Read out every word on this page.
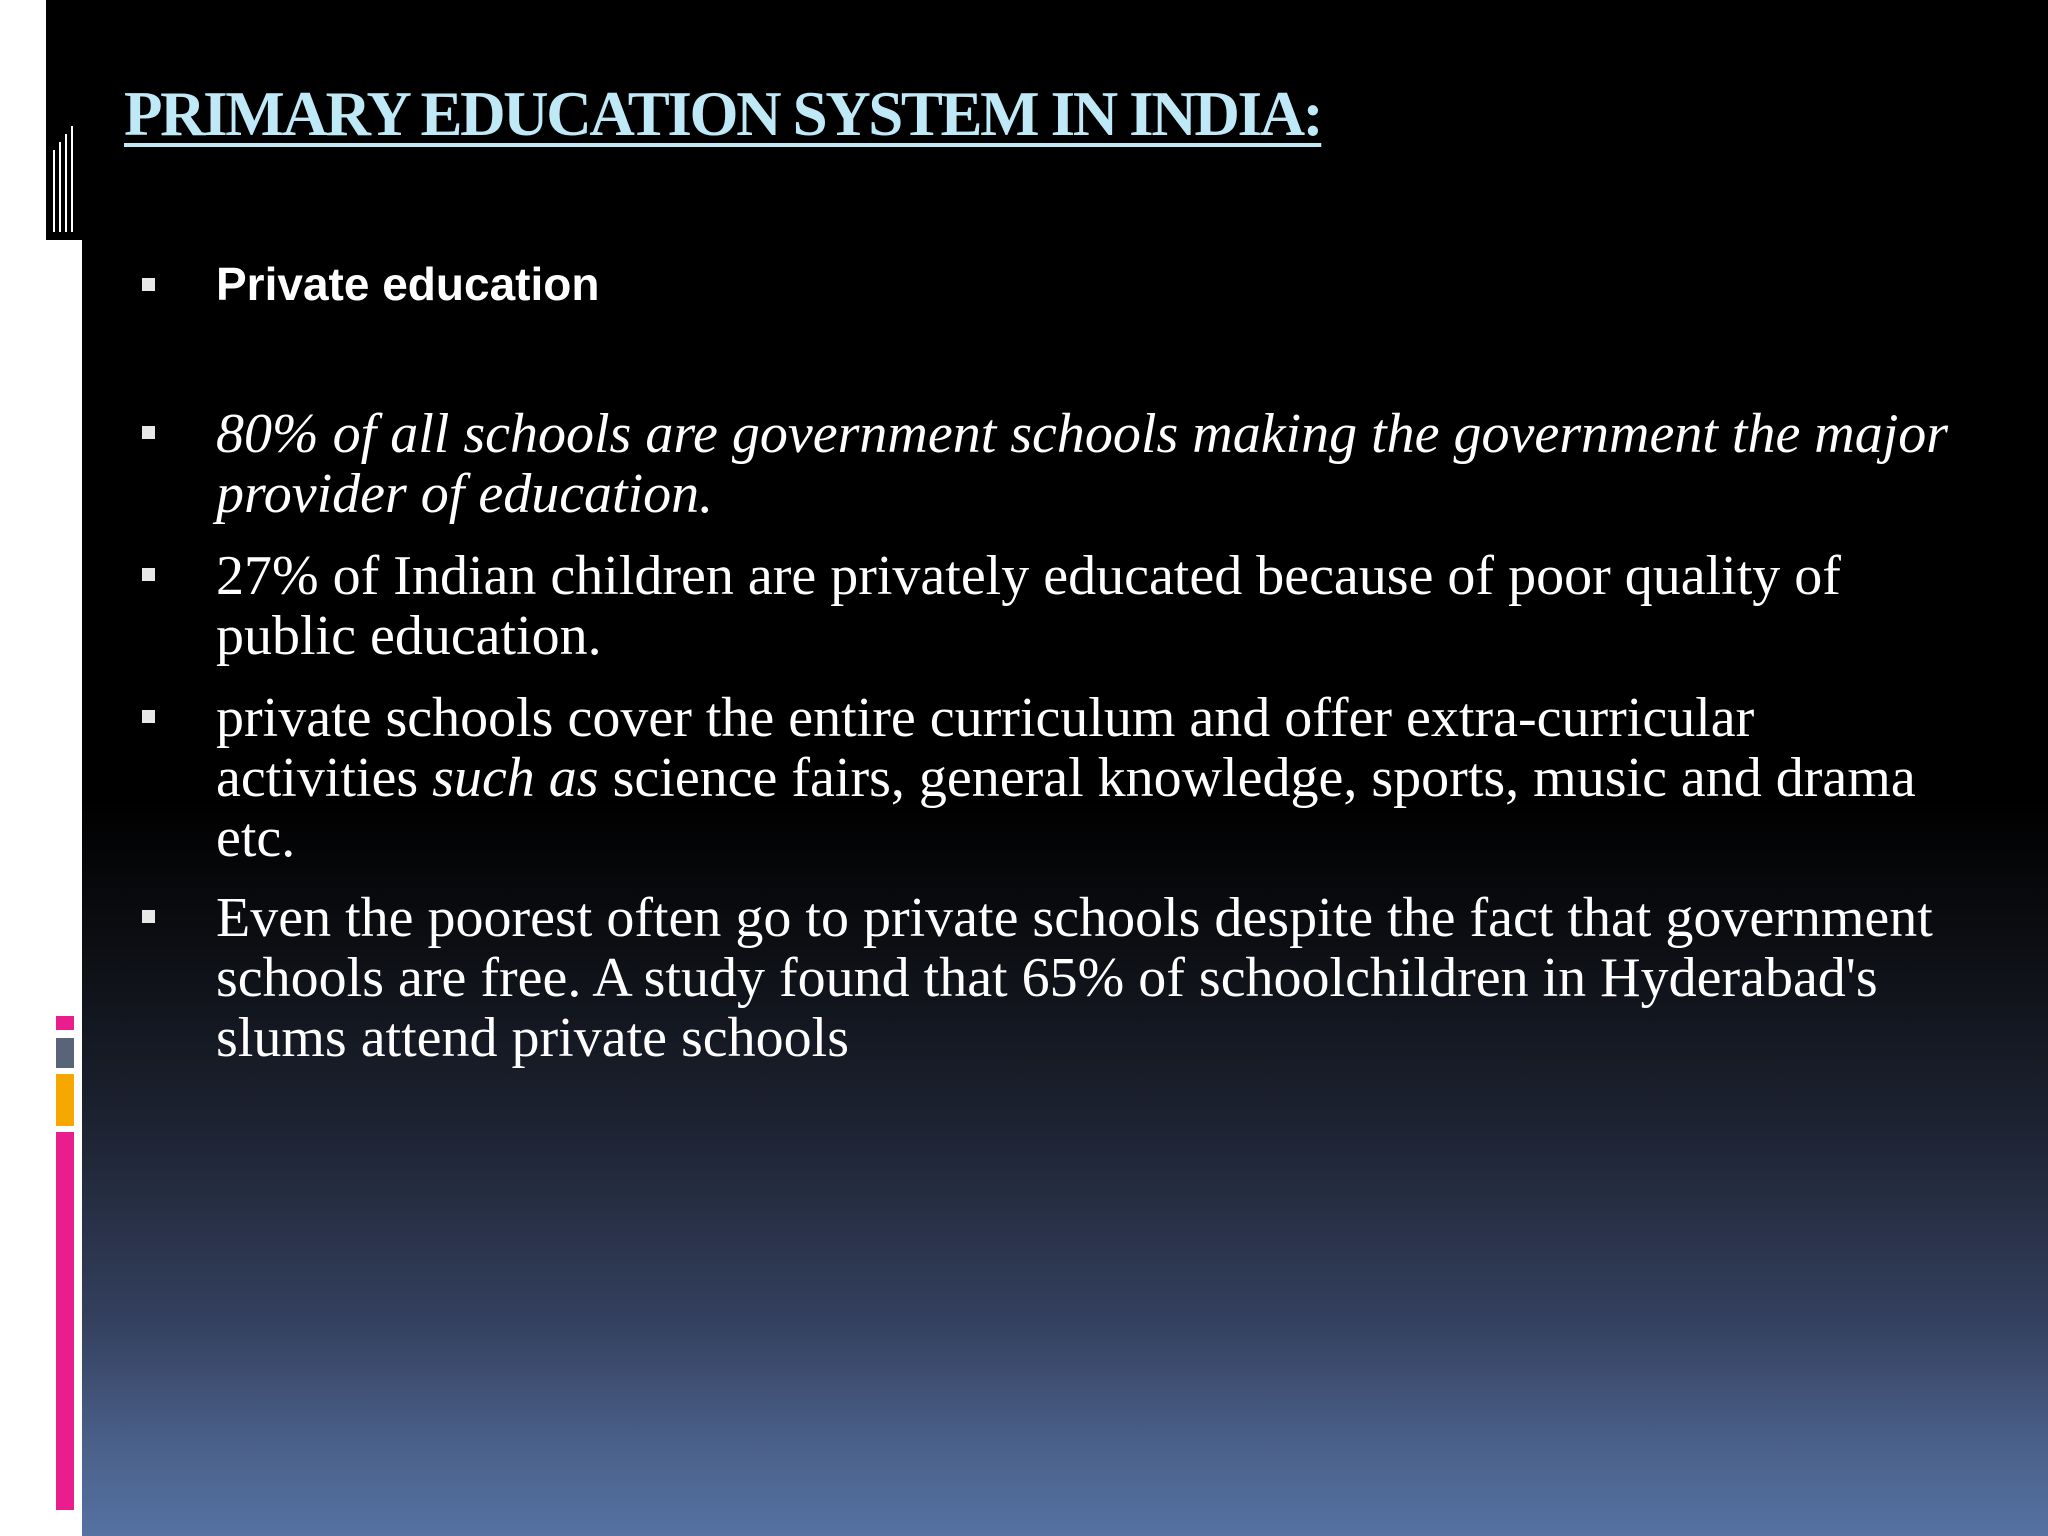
PRIMARY EDUCATION SYSTEM IN INDIA:

Private education

80% of all schools are government schools making the government the major provider of education.

27% of Indian children are privately educated because of poor quality of public education.

private schools cover the entire curriculum and offer extra-curricular activities such as science fairs, general knowledge, sports, music and drama etc.

Even the poorest often go to private schools despite the fact that government schools are free. A study found that 65% of schoolchildren in Hyderabad's slums attend private schools
